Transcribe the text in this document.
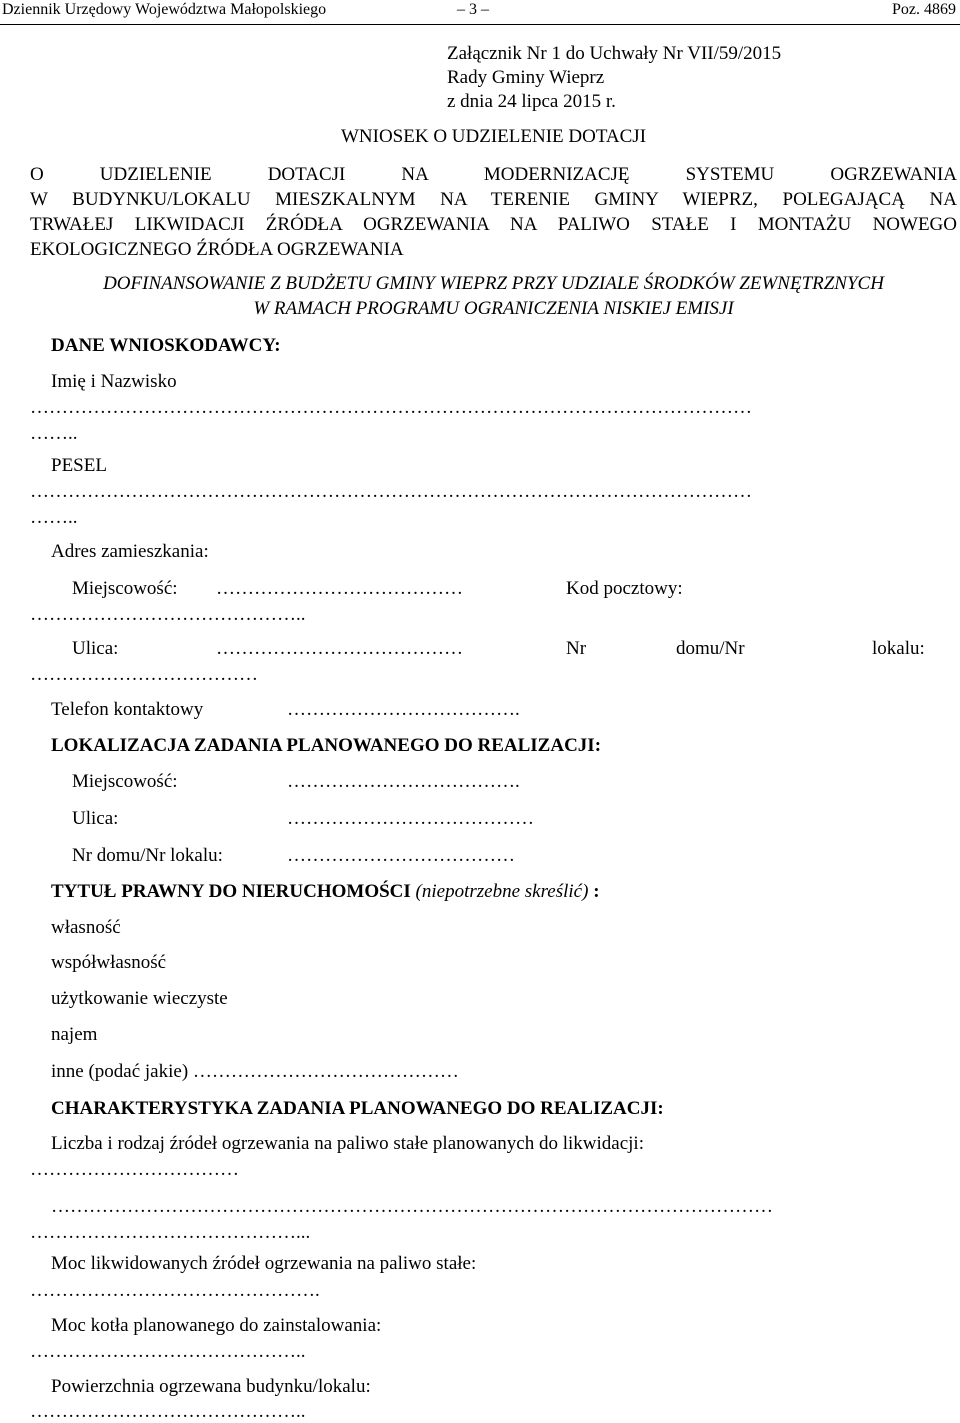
Dziennik Urzędowy Województwa Małopolskiego	– 3 –	Poz. 4869
Załącznik Nr 1 do Uchwały Nr VII/59/2015
Rady Gminy Wieprz
z dnia 24 lipca 2015 r.
WNIOSEK O UDZIELENIE DOTACJI
O UDZIELENIE DOTACJI NA MODERNIZACJĘ SYSTEMU OGRZEWANIA
W BUDYNKU/LOKALU MIESZKALNYM NA TERENIE GMINY WIEPRZ, POLEGAJĄCĄ NA
TRWAŁEJ LIKWIDACJI ŹRÓDŁA OGRZEWANIA NA PALIWO STAŁE I MONTAŻU NOWEGO
EKOLOGICZNEGO ŹRÓDŁA OGRZEWANIA
DOFINANSOWANIE Z BUDŻETU GMINY WIEPRZ PRZY UDZIALE ŚRODKÓW ZEWNĘTRZNYCH
W RAMACH PROGRAMU OGRANICZENIA NISKIEJ EMISJI
DANE WNIOSKODAWCY:
Imię i Nazwisko
……………………………………………………………………………………………………
……..
PESEL
……………………………………………………………………………………………………
……..
Adres zamieszkania:
Miejscowość: …………………………………	Kod pocztowy:
……………………………………..
Ulica:	…………………………………	Nr	domu/Nr	lokalu:
………………………………
Telefon kontaktowy	……………………………….
LOKALIZACJA ZADANIA PLANOWANEGO DO REALIZACJI:
Miejscowość:	……………………………….
Ulica:	…………………………………
Nr domu/Nr lokalu:	………………………………
TYTUŁ PRAWNY DO NIERUCHOMOŚCI (niepotrzebne skreślić) :
własność
współwłasność
użytkowanie wieczyste
najem
inne (podać jakie) ……………………………………
CHARAKTERYSTYKA ZADANIA PLANOWANEGO DO REALIZACJI:
Liczba i rodzaj źródeł ogrzewania na paliwo stałe planowanych do likwidacji:
……………………………
……………………………………………………………………………………………………
……………………………………...
Moc likwidowanych źródeł ogrzewania na paliwo stałe:
……………………………………….
Moc kotła planowanego do zainstalowania:
……………………………………..
Powierzchnia ogrzewana budynku/lokalu:
……………………………………..
